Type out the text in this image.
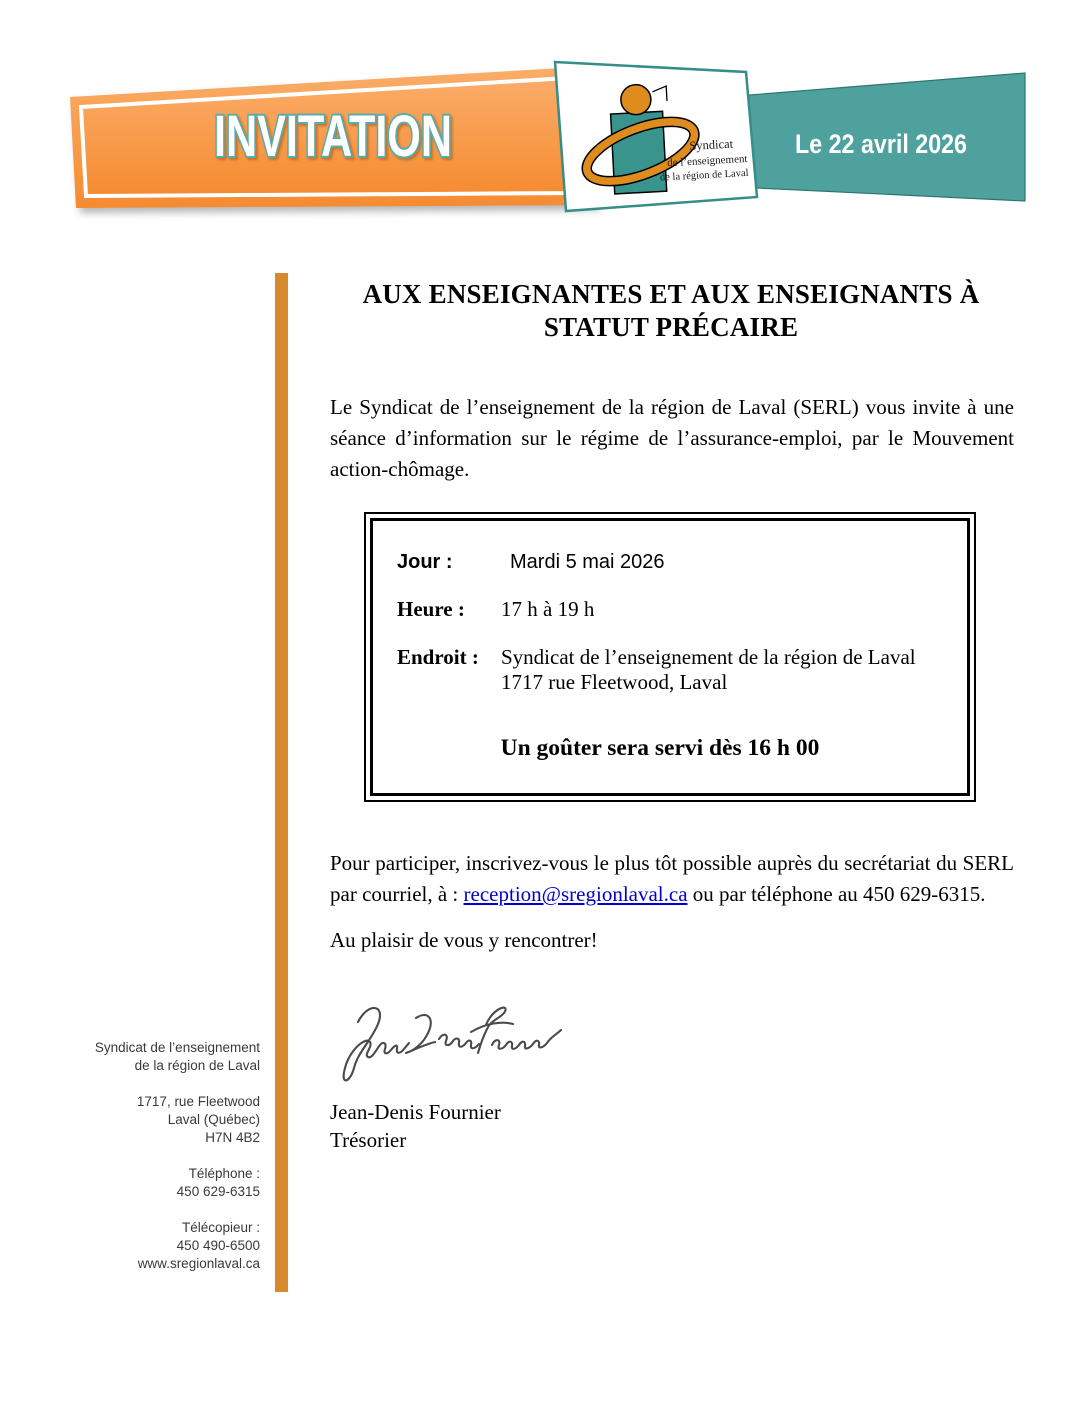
INVITATION	Le 22 avril 2026
Syndicat
de l’enseignement
de la région de Laval
AUX ENSEIGNANTES ET AUX ENSEIGNANTS À
STATUT PRÉCAIRE
Le Syndicat de l’enseignement de la région de Laval (SERL) vous invite à une
séance d’information sur le régime de l’assurance-emploi, par le Mouvement
action-chômage.
Jour :	Mardi 5 mai 2026
Heure :	17 h à 19 h
Endroit :	Syndicat de l’enseignement de la région de Laval
1717 rue Fleetwood, Laval
Un goûter sera servi dès 16 h 00
Pour participer, inscrivez-vous le plus tôt possible auprès du secrétariat du SERL
par courriel, à : reception@sregionlaval.ca ou par téléphone au 450 629-6315.
Au plaisir de vous y rencontrer!
Jean-Denis Fournier
Trésorier
Syndicat de l’enseignement
de la région de Laval
1717, rue Fleetwood
Laval (Québec)
H7N 4B2
Téléphone :
450 629-6315
Télécopieur :
450 490-6500
www.sregionlaval.ca
